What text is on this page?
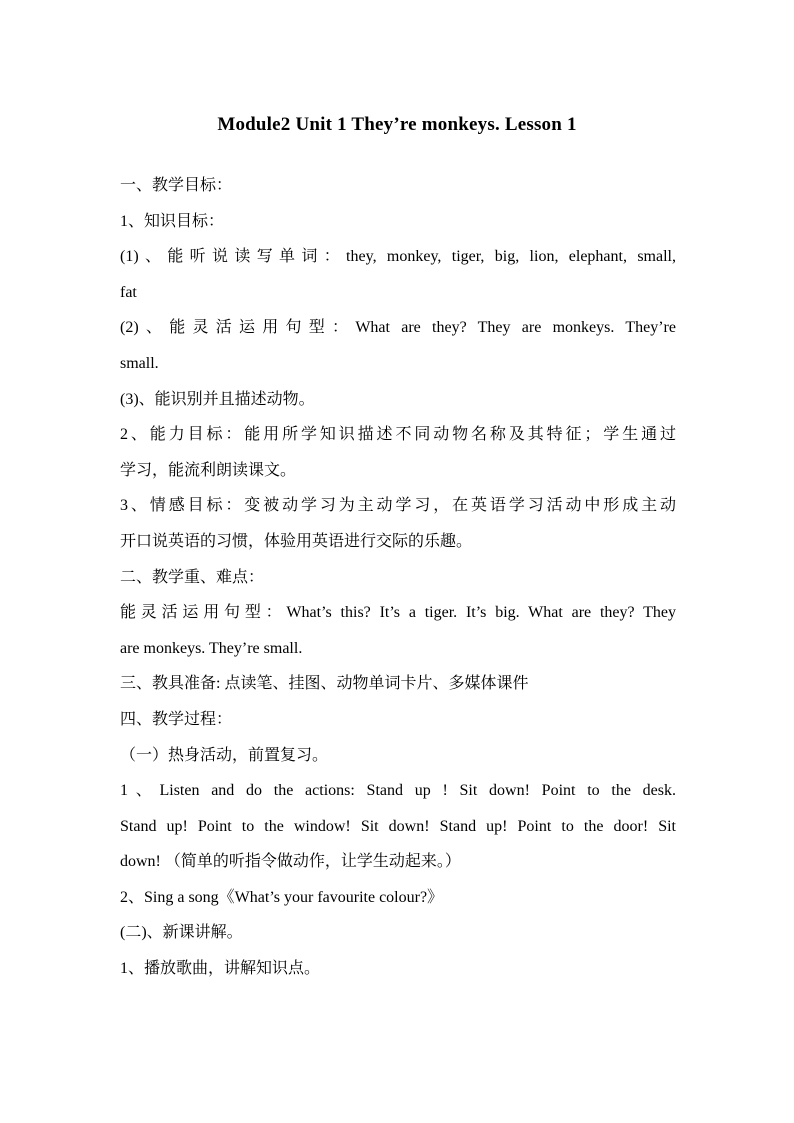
Module2 Unit 1 They’re monkeys. Lesson 1
一、教学目标：
1、知识目标：
(1)、能听说读写单词：they, monkey, tiger, big, lion, elephant, small,
fat
(2)、能灵活运用句型：What are they? They are monkeys. They’re
small.
(3)、能识别并且描述动物。
2、能力目标：能用所学知识描述不同动物名称及其特征；学生通过
学习，能流利朗读课文。
3、情感目标：变被动学习为主动学习，在英语学习活动中形成主动
开口说英语的习惯，体验用英语进行交际的乐趣。
二、教学重、难点：
能灵活运用句型：What’s this? It’s a tiger. It’s big. What are they? They
are monkeys. They’re small.
三、教具准备: 点读笔、挂图、动物单词卡片、多媒体课件
四、教学过程：
（一）热身活动，前置复习。
1、Listen and do the actions: Stand up ! Sit down! Point to the desk.
Stand up! Point to the window! Sit down! Stand up! Point to the door! Sit
down! （简单的听指令做动作，让学生动起来。）
2、Sing a song《What’s your favourite colour?》
(二)、新课讲解。
1、播放歌曲，讲解知识点。
